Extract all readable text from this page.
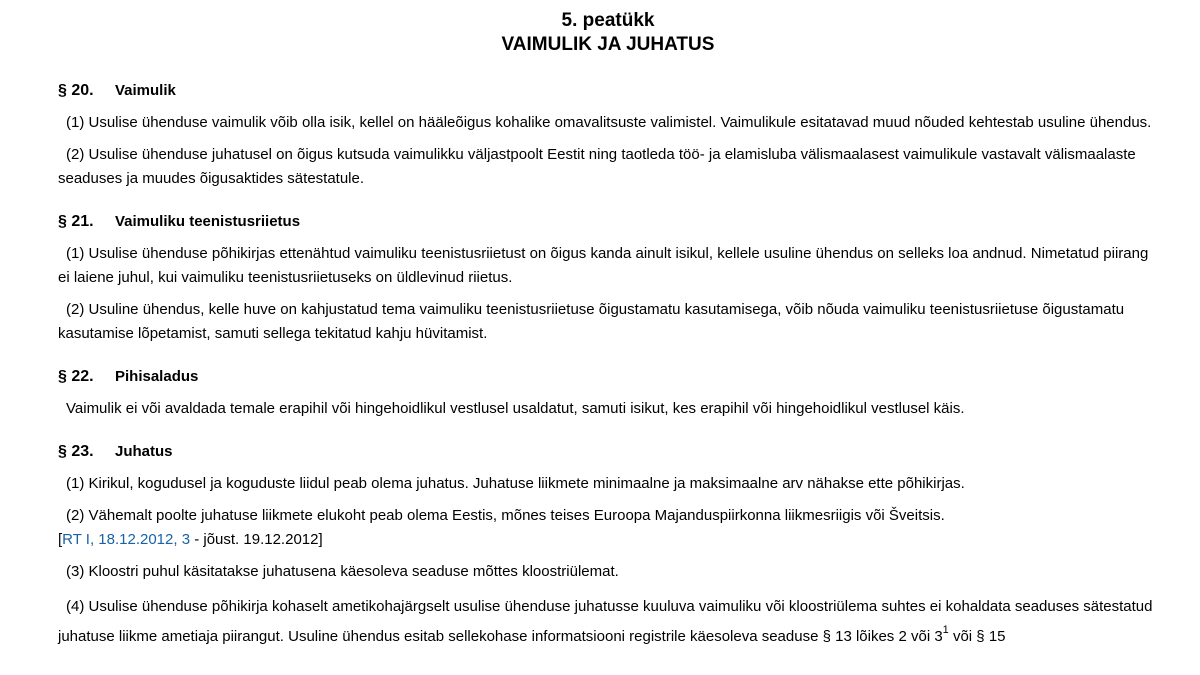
5. peatükk
VAIMULIK JA JUHATUS
§ 20.	Vaimulik

(1) Usulise ühenduse vaimulik võib olla isik, kellel on hääleõigus kohalike omavalitsuste valimistel. Vaimulikule esitatavad muud nõuded kehtestab usuline ühendus.

(2) Usulise ühenduse juhatusel on õigus kutsuda vaimulikku väljastpoolt Eestit ning taotleda töö- ja elamisluba välismaalasest vaimulikule vastavalt välismaalaste seaduses ja muudes õigusaktides sätestatule.

§ 21.	Vaimuliku teenistusriietus

(1) Usulise ühenduse põhikirjas ettenähtud vaimuliku teenistusriietust on õigus kanda ainult isikul, kellele usuline ühendus on selleks loa andnud. Nimetatud piirang ei laiene juhul, kui vaimuliku teenistusriietuseks on üldlevinud riietus.

(2) Usuline ühendus, kelle huve on kahjustatud tema vaimuliku teenistusriietuse õigustamatu kasutamisega, võib nõuda vaimuliku teenistusriietuse õigustamatu kasutamise lõpetamist, samuti sellega tekitatud kahju hüvitamist.

§ 22.	Pihisaladus

Vaimulik ei või avaldada temale erapihil või hingehoidlikul vestlusel usaldatut, samuti isikut, kes erapihil või hingehoidlikul vestlusel käis.

§ 23.	Juhatus

(1) Kirikul, kogudusel ja koguduste liidul peab olema juhatus. Juhatuse liikmete minimaalne ja maksimaalne arv nähakse ette põhikirjas.

(2) Vähemalt poolte juhatuse liikmete elukoht peab olema Eestis, mõnes teises Euroopa Majanduspiirkonna liikmesriigis või Šveitsis.

[RT I, 18.12.2012, 3 - jõust. 19.12.2012]

(3) Kloostri puhul käsitatakse juhatusena käesoleva seaduse mõttes kloostriülemat.

(4) Usulise ühenduse põhikirja kohaselt ametikohajärgselt usulise ühenduse juhatusse kuuluva vaimuliku või kloostriülema suhtes ei kohaldata seaduses sätestatud juhatuse liikme ametiaja piirangut. Usuline ühendus esitab sellekohase informatsiooni registrile käesoleva seaduse § 13 lõikes 2 või $3^1$ või § 15
